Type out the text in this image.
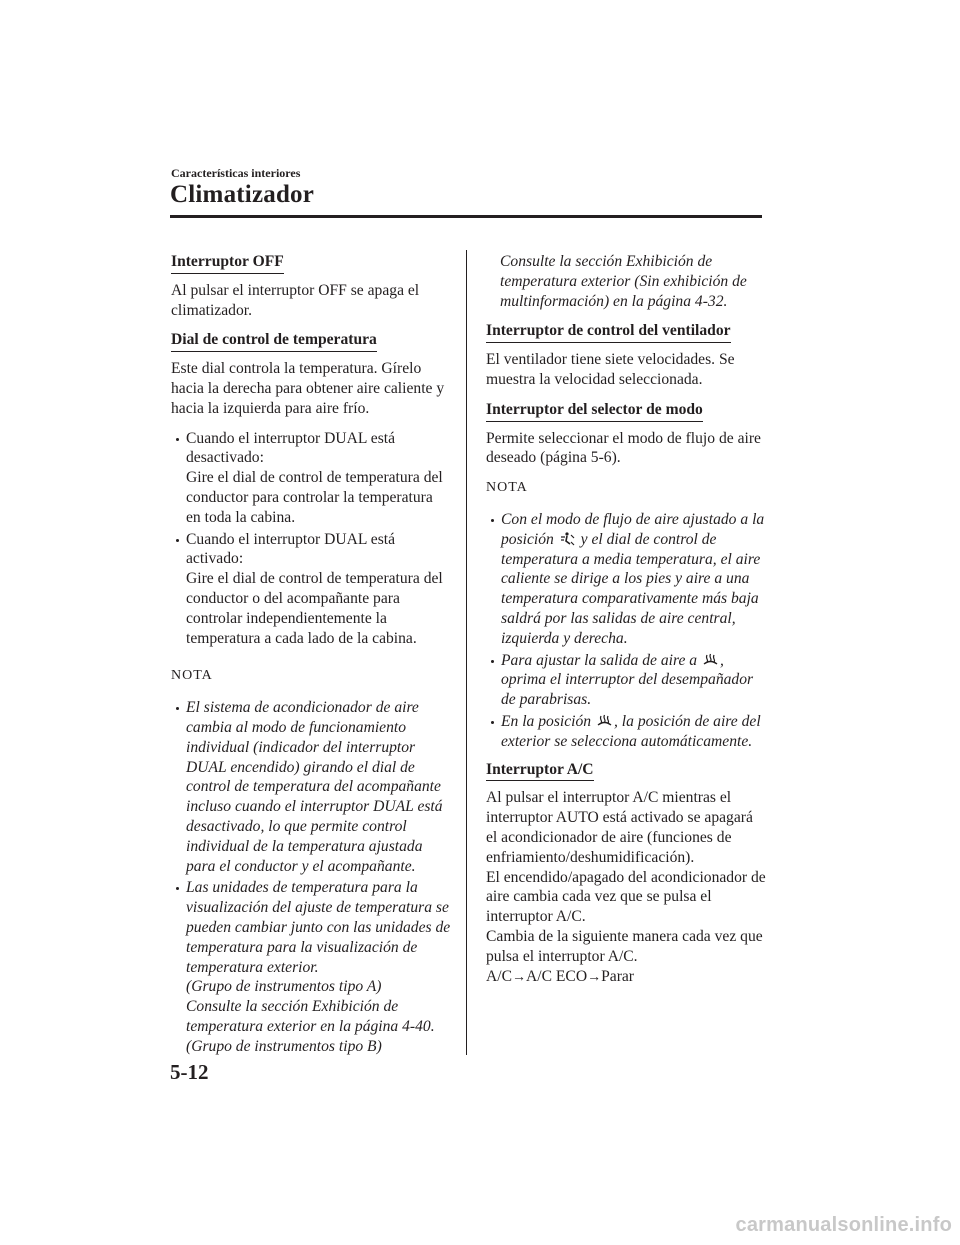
Características interiores
Climatizador
Interruptor OFF

Al pulsar el interruptor OFF se apaga el climatizador.

Dial de control de temperatura

Este dial controla la temperatura. Gírelo hacia la derecha para obtener aire caliente y hacia la izquierda para aire frío.

Cuando el interruptor DUAL está desactivado:
Gire el dial de control de temperatura del conductor para controlar la temperatura en toda la cabina.
Cuando el interruptor DUAL está activado:
Gire el dial de control de temperatura del conductor o del acompañante para controlar independientemente la temperatura a cada lado de la cabina.

NOTA

El sistema de acondicionador de aire cambia al modo de funcionamiento individual (indicador del interruptor DUAL encendido) girando el dial de control de temperatura del acompañante incluso cuando el interruptor DUAL está desactivado, lo que permite control individual de la temperatura ajustada para el conductor y el acompañante.
Las unidades de temperatura para la visualización del ajuste de temperatura se pueden cambiar junto con las unidades de temperatura para la visualización de temperatura exterior.
(Grupo de instrumentos tipo A)
Consulte la sección Exhibición de temperatura exterior en la página 4-40.
(Grupo de instrumentos tipo B)

Consulte la sección Exhibición de temperatura exterior (Sin exhibición de multinformación) en la página 4-32.

Interruptor de control del ventilador

El ventilador tiene siete velocidades. Se muestra la velocidad seleccionada.

Interruptor del selector de modo

Permite seleccionar el modo de flujo de aire deseado (página 5-6).

NOTA

Con el modo de flujo de aire ajustado a la posición
y el dial de control de temperatura a media temperatura, el aire caliente se dirige a los pies y aire a una temperatura comparativamente más baja saldrá por las salidas de aire central, izquierda y derecha.
Para ajustar la salida de aire a
, oprima el interruptor del desempañador de parabrisas.
En la posición
, la posición de aire del exterior se selecciona automáticamente.
Interruptor A/C

Al pulsar el interruptor A/C mientras el interruptor AUTO está activado se apagará el acondicionador de aire (funciones de enfriamiento/deshumidificación).
El encendido/apagado del acondicionador de aire cambia cada vez que se pulsa el interruptor A/C.
Cambia de la siguiente manera cada vez que pulsa el interruptor A/C.
A/C→A/C ECO→Parar

5-12
carmanualsonline.info
